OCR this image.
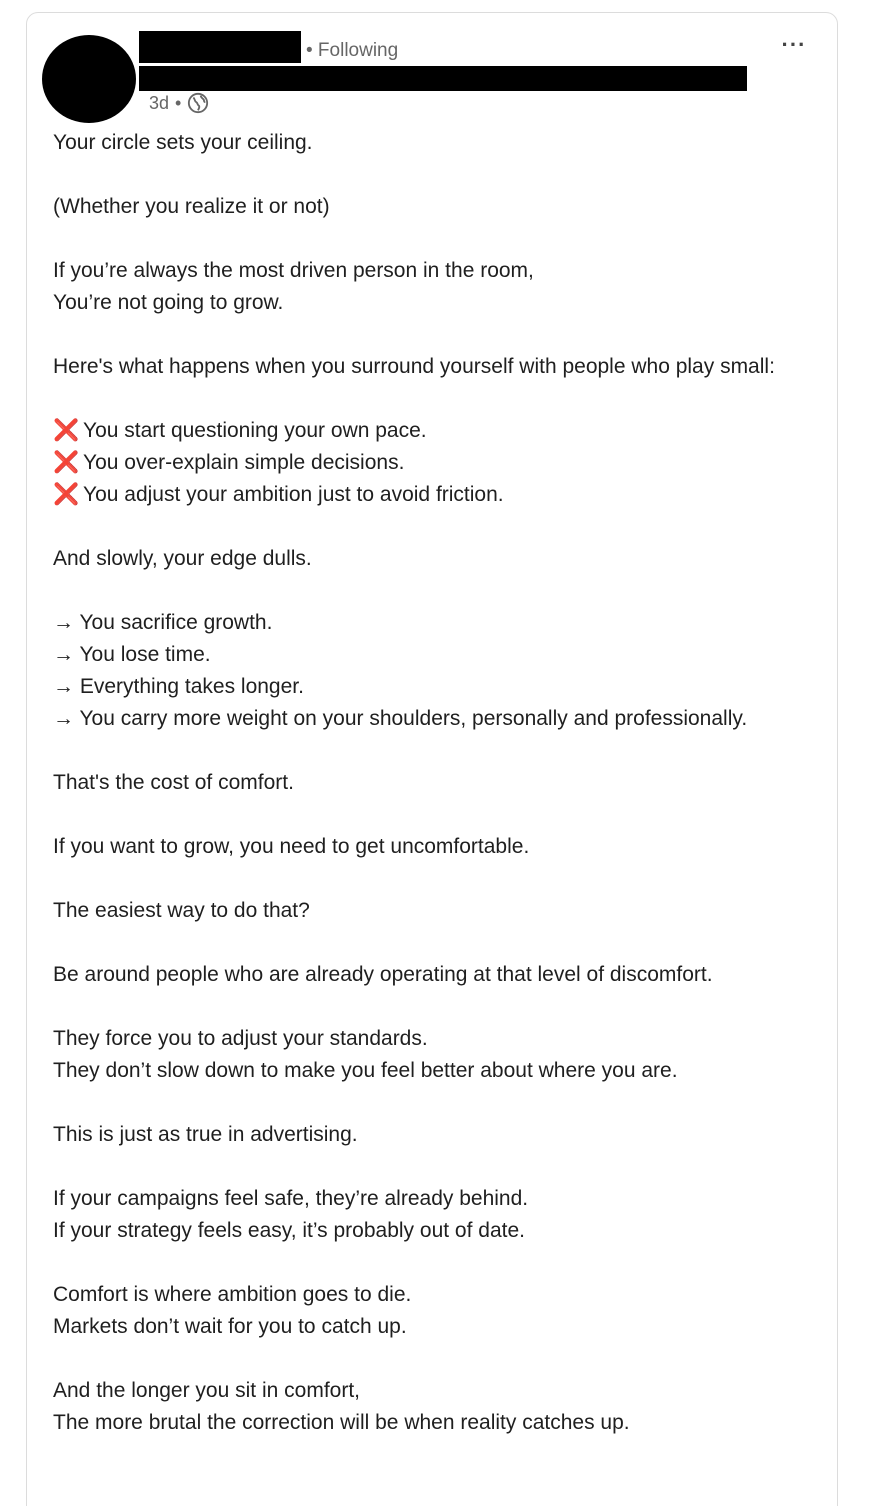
• Following
3d •
···

Your circle sets your ceiling.

(Whether you realize it or not)

If you’re always the most driven person in the room,
You’re not going to grow.

Here's what happens when you surround yourself with people who play small:

❌ You start questioning your own pace.
❌ You over-explain simple decisions.
❌ You adjust your ambition just to avoid friction.

And slowly, your edge dulls.

→ You sacrifice growth.
→ You lose time.
→ Everything takes longer.
→ You carry more weight on your shoulders, personally and professionally.

That's the cost of comfort.

If you want to grow, you need to get uncomfortable.

The easiest way to do that?

Be around people who are already operating at that level of discomfort.

They force you to adjust your standards.
They don’t slow down to make you feel better about where you are.

This is just as true in advertising.

If your campaigns feel safe, they’re already behind.
If your strategy feels easy, it’s probably out of date.

Comfort is where ambition goes to die.
Markets don’t wait for you to catch up.

And the longer you sit in comfort,
The more brutal the correction will be when reality catches up.
